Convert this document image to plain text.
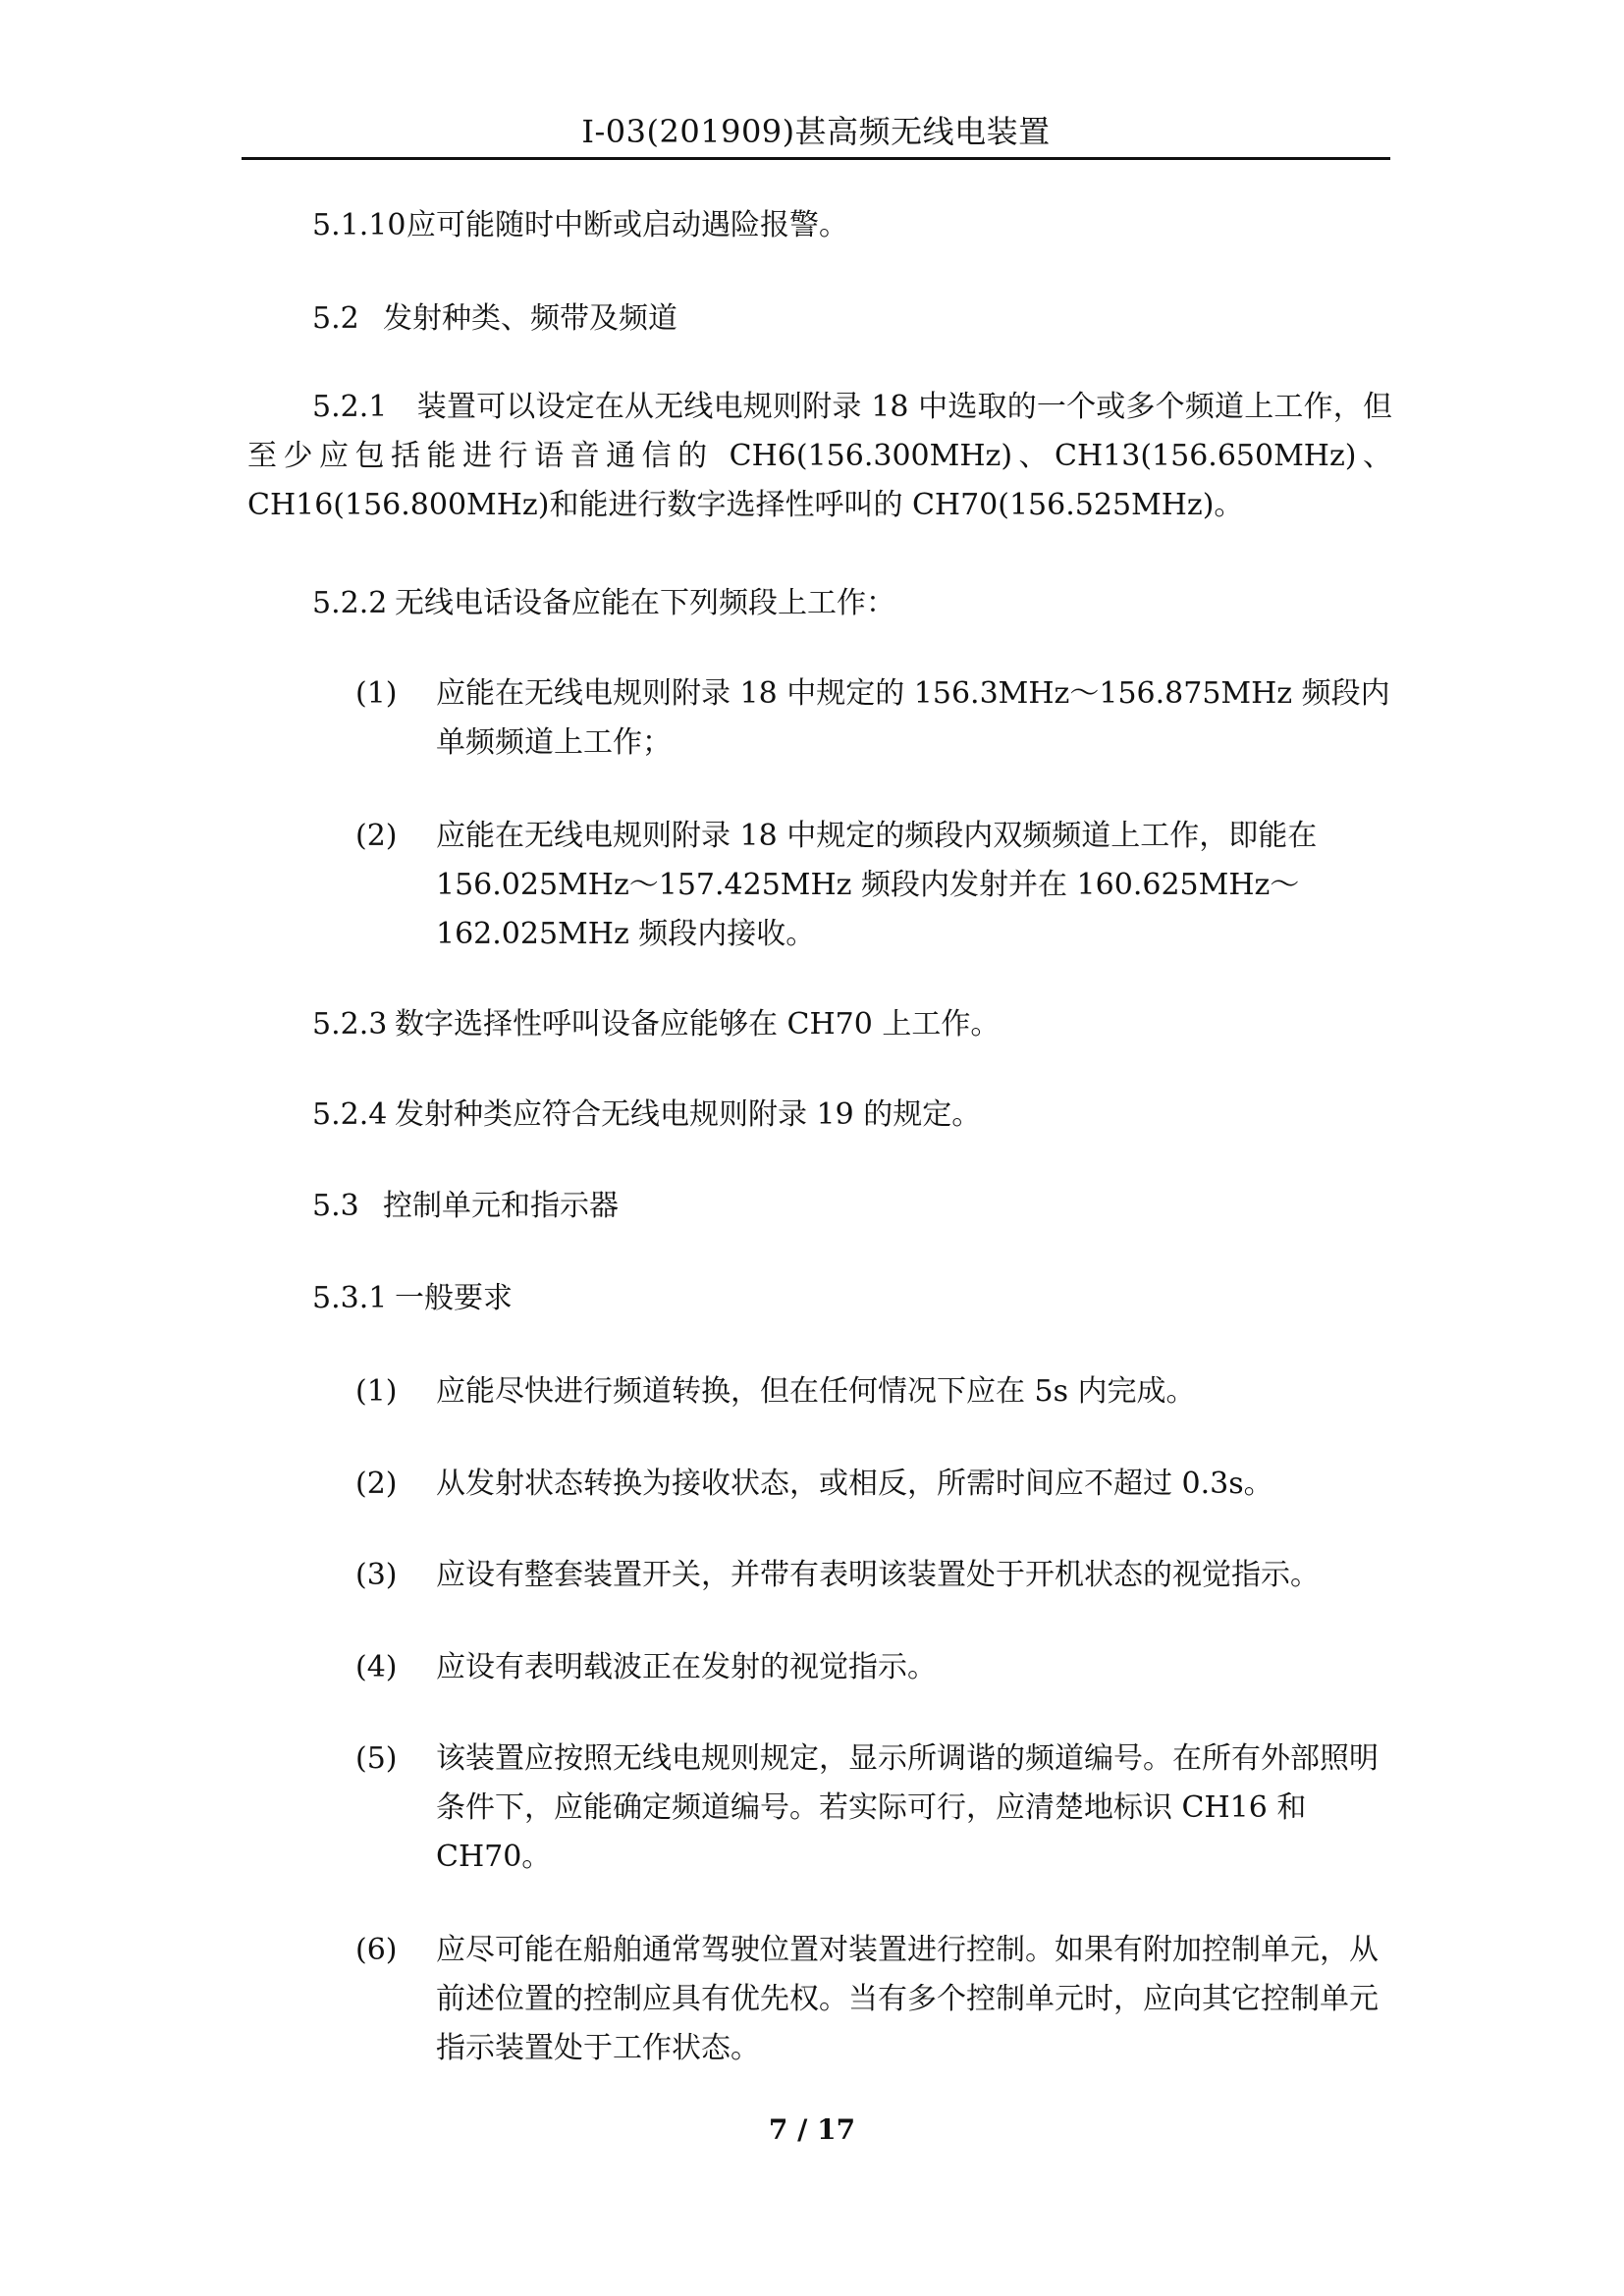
I-03(201909)甚高频无线电装置
5.1.10应可能随时中断或启动遇险报警。
5.2 发射种类、频带及频道
5.2.1　装置可以设定在从无线电规则附录 18 中选取的一个或多个频道上工作，但至少应包括能进行语音通信的 CH6(156.300MHz)、CH13(156.650MHz)、CH16(156.800MHz)和能进行数字选择性呼叫的 CH70(156.525MHz)。
5.2.2 无线电话设备应能在下列频段上工作：
(1) 应能在无线电规则附录 18 中规定的 156.3MHz～156.875MHz 频段内单频频道上工作；
(2) 应能在无线电规则附录 18 中规定的频段内双频频道上工作，即能在 156.025MHz～157.425MHz 频段内发射并在 160.625MHz～162.025MHz 频段内接收。
5.2.3 数字选择性呼叫设备应能够在 CH70 上工作。
5.2.4 发射种类应符合无线电规则附录 19 的规定。
5.3 控制单元和指示器
5.3.1 一般要求
(1) 应能尽快进行频道转换，但在任何情况下应在 5s 内完成。
(2) 从发射状态转换为接收状态，或相反，所需时间应不超过 0.3s。
(3) 应设有整套装置开关，并带有表明该装置处于开机状态的视觉指示。
(4) 应设有表明载波正在发射的视觉指示。
(5) 该装置应按照无线电规则规定，显示所调谐的频道编号。在所有外部照明条件下，应能确定频道编号。若实际可行，应清楚地标识 CH16 和 CH70。
(6) 应尽可能在船舶通常驾驶位置对装置进行控制。如果有附加控制单元，从前述位置的控制应具有优先权。当有多个控制单元时，应向其它控制单元指示装置处于工作状态。
7 / 17
